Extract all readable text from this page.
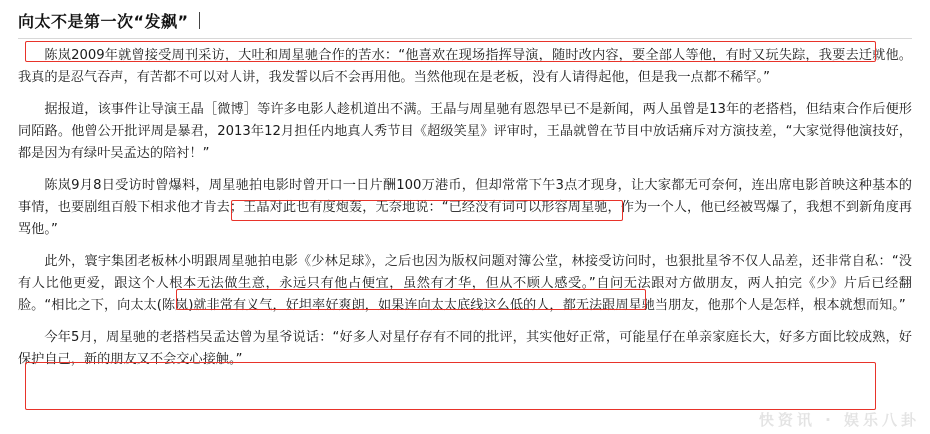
向太不是第一次“发飙”

陈岚2009年就曾接受周刊采访，大吐和周星驰合作的苦水：“他喜欢在现场指挥导演，随时改内容，要全部人等他，有时又玩失踪，我要去迁就他。我真的是忍气吞声，有苦都不可以对人讲，我发誓以后不会再用他。当然他现在是老板，没有人请得起他，但是我一点都不稀罕。”

据报道，该事件让导演王晶［微博］等许多电影人趁机道出不满。王晶与周星驰有恩怨早已不是新闻，两人虽曾是13年的老搭档，但结束合作后便形同陌路。他曾公开批评周是暴君，2013年12月担任内地真人秀节目《超级笑星》评审时，王晶就曾在节目中放话痛斥对方演技差，“大家觉得他演技好，都是因为有绿叶吴孟达的陪衬！”

陈岚9月8日受访时曾爆料，周星驰拍电影时曾开口一日片酬100万港币，但却常常下午3点才现身，让大家都无可奈何，连出席电影首映这种基本的事情，也要剧组百般下相求他才肯去；王晶对此也有度炮轰，无奈地说：“已经没有词可以形容周星驰，作为一个人，他已经被骂爆了，我想不到新角度再骂他。”

此外，寰宇集团老板林小明跟周星驰拍电影《少林足球》，之后也因为版权问题对簿公堂，林接受访问时，也狠批星爷不仅人品差，还非常自私：“没有人比他更爱，跟这个人根本无法做生意，永远只有他占便宜，虽然有才华，但从不顾人感受。”自问无法跟对方做朋友，两人拍完《少》片后已经翻脸。“相比之下，向太太(陈岚)就非常有义气，好坦率好爽朗，如果连向太太底线这么低的人，都无法跟周星驰当朋友，他那个人是怎样，根本就想而知。”

今年5月，周星驰的老搭档吴孟达曾为星爷说话：“好多人对星仔存有不同的批评，其实他好正常，可能星仔在单亲家庭长大，好多方面比较成熟，好保护自己，新的朋友又不会交心接触。”

快资讯 · 娱乐八卦
